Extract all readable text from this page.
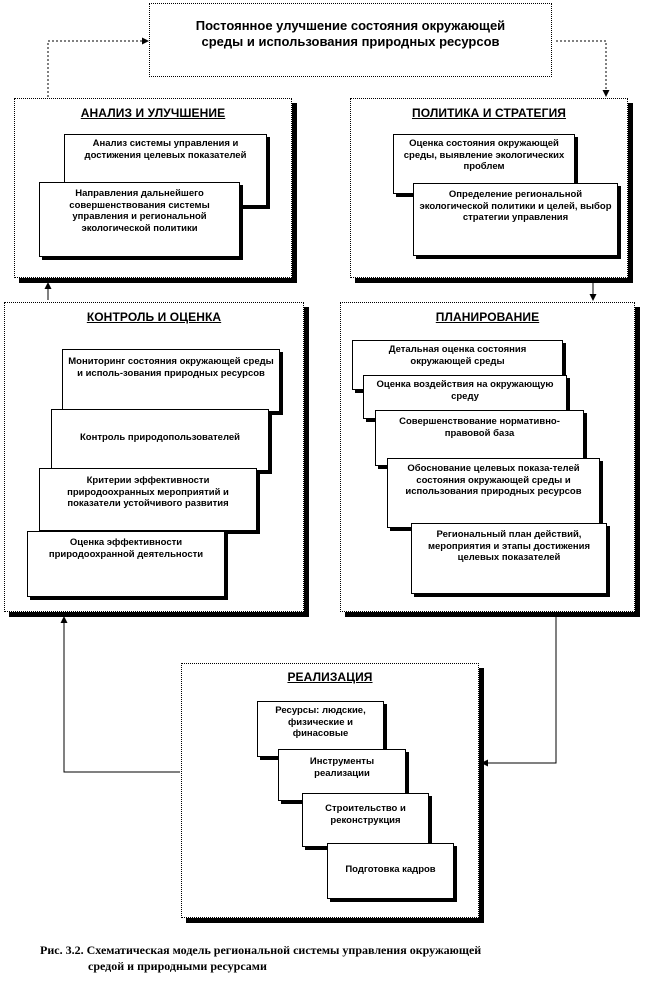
Постоянное улучшение состояния окружающей
среды и использования природных ресурсов
АНАЛИЗ И УЛУЧШЕНИЕ
Анализ системы управления и достижения целевых показателей
Направления дальнейшего совершенствования системы управления и региональной экологической политики
ПОЛИТИКА И СТРАТЕГИЯ
Оценка состояния окружающей среды, выявление экологических проблем
Определение региональной экологической политики и целей, выбор стратегии управления
КОНТРОЛЬ И ОЦЕНКА
Мониторинг состояния окружающей среды и исполь-зования природных ресурсов
Контроль природопользователей
Критерии эффективности природоохранных мероприятий и показатели устойчивого развития
Оценка эффективности природоохранной деятельности
ПЛАНИРОВАНИЕ
Детальная оценка состояния окружающей среды
Оценка воздействия на окружающую среду
Совершенствование нормативно-правовой база
Обоснование целевых показа-телей состояния окружающей среды и использования природных ресурсов
Региональный план действий, мероприятия и этапы достижения целевых показателей
РЕАЛИЗАЦИЯ
Ресурсы: людские, физические и финасовые
Инструменты реализации
Строительство и реконструкция
Подготовка кадров
Рис. 3.2. Схематическая модель региональной системы управления окружающей
средой и природными ресурсами
